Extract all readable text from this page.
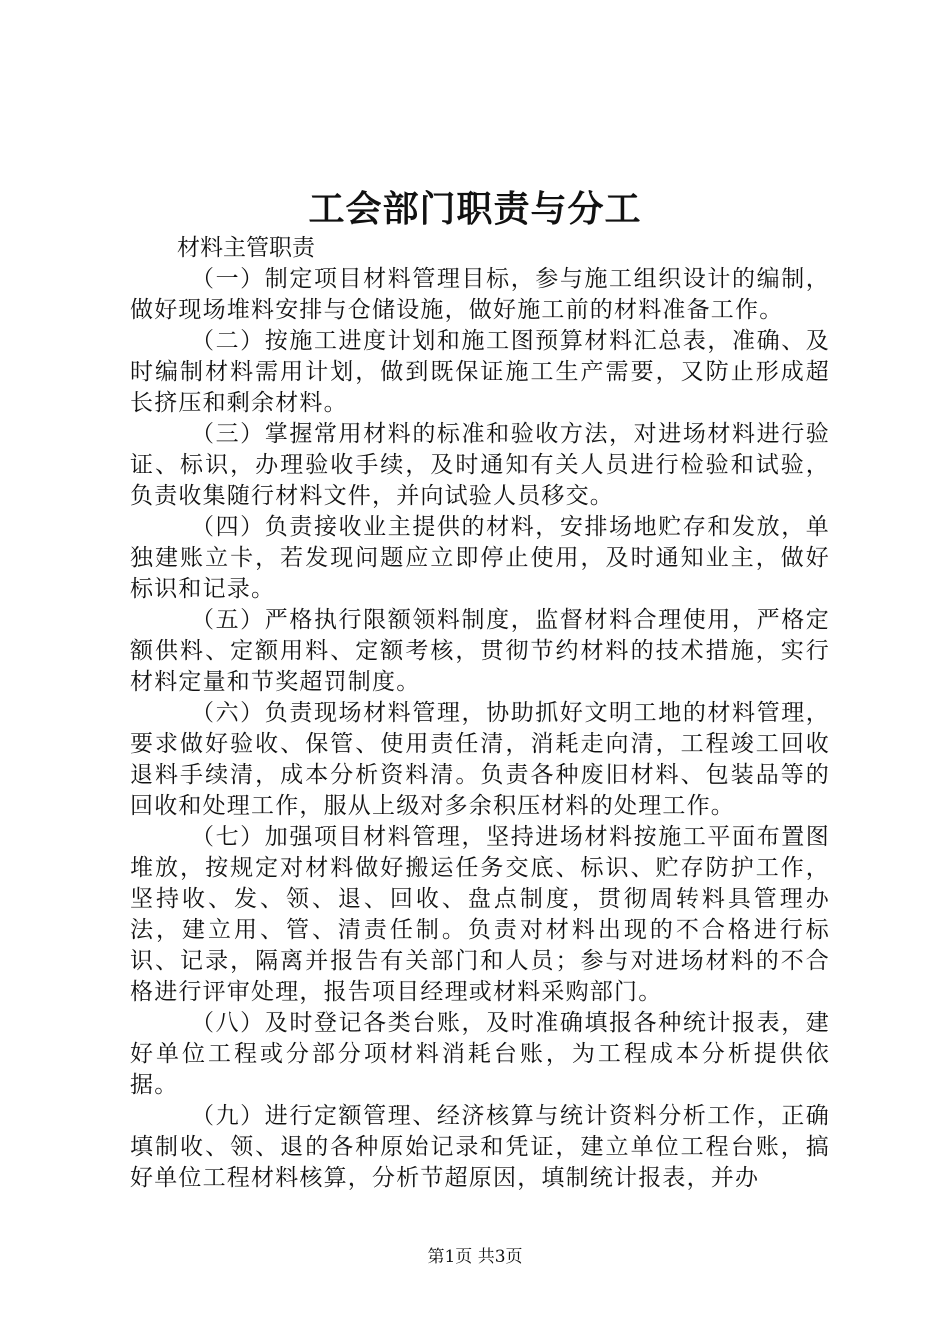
工会部门职责与分工

材料主管职责

（一）制定项目材料管理目标，参与施工组织设计的编制，做好现场堆料安排与仓储设施，做好施工前的材料准备工作。

（二）按施工进度计划和施工图预算材料汇总表，准确、及时编制材料需用计划，做到既保证施工生产需要，又防止形成超长挤压和剩余材料。

（三）掌握常用材料的标准和验收方法，对进场材料进行验证、标识，办理验收手续，及时通知有关人员进行检验和试验，负责收集随行材料文件，并向试验人员移交。

（四）负责接收业主提供的材料，安排场地贮存和发放，单独建账立卡，若发现问题应立即停止使用，及时通知业主，做好标识和记录。

（五）严格执行限额领料制度，监督材料合理使用，严格定额供料、定额用料、定额考核，贯彻节约材料的技术措施，实行材料定量和节奖超罚制度。

（六）负责现场材料管理，协助抓好文明工地的材料管理，要求做好验收、保管、使用责任清，消耗走向清，工程竣工回收退料手续清，成本分析资料清。负责各种废旧材料、包装品等的回收和处理工作，服从上级对多余积压材料的处理工作。

（七）加强项目材料管理，坚持进场材料按施工平面布置图堆放，按规定对材料做好搬运任务交底、标识、贮存防护工作，坚持收、发、领、退、回收、盘点制度，贯彻周转料具管理办法，建立用、管、清责任制。负责对材料出现的不合格进行标识、记录，隔离并报告有关部门和人员；参与对进场材料的不合格进行评审处理，报告项目经理或材料采购部门。

（八）及时登记各类台账，及时准确填报各种统计报表，建好单位工程或分部分项材料消耗台账，为工程成本分析提供依据。

（九）进行定额管理、经济核算与统计资料分析工作，正确填制收、领、退的各种原始记录和凭证，建立单位工程台账，搞好单位工程材料核算，分析节超原因，填制统计报表，并办

第1页 共3页
